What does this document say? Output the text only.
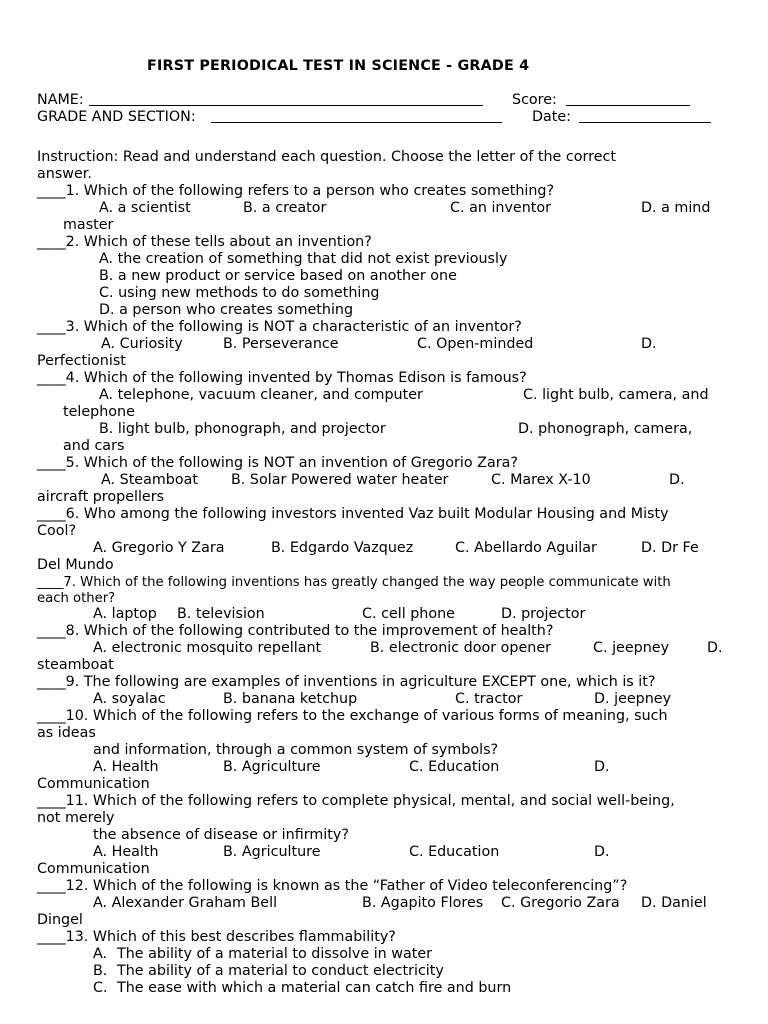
FIRST PERIODICAL TEST IN SCIENCE - GRADE 4
NAME:	Score:
GRADE AND SECTION:	Date:
Instruction: Read and understand each question. Choose the letter of the correct
answer.
____1. Which of the following refers to a person who creates something?
A. a scientist	B. a creator	C. an inventor	D. a mind
master
____2. Which of these tells about an invention?
A. the creation of something that did not exist previously
B. a new product or service based on another one
C. using new methods to do something
D. a person who creates something
____3. Which of the following is NOT a characteristic of an inventor?
A. Curiosity	B. Perseverance	C. Open-minded	D.
Perfectionist
____4. Which of the following invented by Thomas Edison is famous?
A. telephone, vacuum cleaner, and computer	C. light bulb, camera, and
telephone
B. light bulb, phonograph, and projector	D. phonograph, camera,
and cars
____5. Which of the following is NOT an invention of Gregorio Zara?
A. Steamboat B. Solar Powered water heater	C. Marex X-10	D.
aircraft propellers
____6. Who among the following investors invented Vaz built Modular Housing and Misty
Cool?
A. Gregorio Y Zara	B. Edgardo Vazquez	C. Abellardo Aguilar	D. Dr Fe
Del Mundo
____7. Which of the following inventions has greatly changed the way people communicate with
each other?
A. laptop B. television	C. cell phone	D. projector
____8. Which of the following contributed to the improvement of health?
A. electronic mosquito repellant	B. electronic door opener	C. jeepney	D.
steamboat
____9. The following are examples of inventions in agriculture EXCEPT one, which is it?
A. soyalac	B. banana ketchup	C. tractor	D. jeepney
____10. Which of the following refers to the exchange of various forms of meaning, such
as ideas
and information, through a common system of symbols?
A. Health	B. Agriculture	C. Education	D.
Communication
____11. Which of the following refers to complete physical, mental, and social well-being,
not merely
the absence of disease or infirmity?
A. Health	B. Agriculture	C. Education	D.
Communication
____12. Which of the following is known as the “Father of Video teleconferencing”?
A. Alexander Graham Bell	B. Agapito Flores C. Gregorio Zara D. Daniel
Dingel
____13. Which of this best describes flammability?
A. The ability of a material to dissolve in water
B. The ability of a material to conduct electricity
C. The ease with which a material can catch fire and burn
